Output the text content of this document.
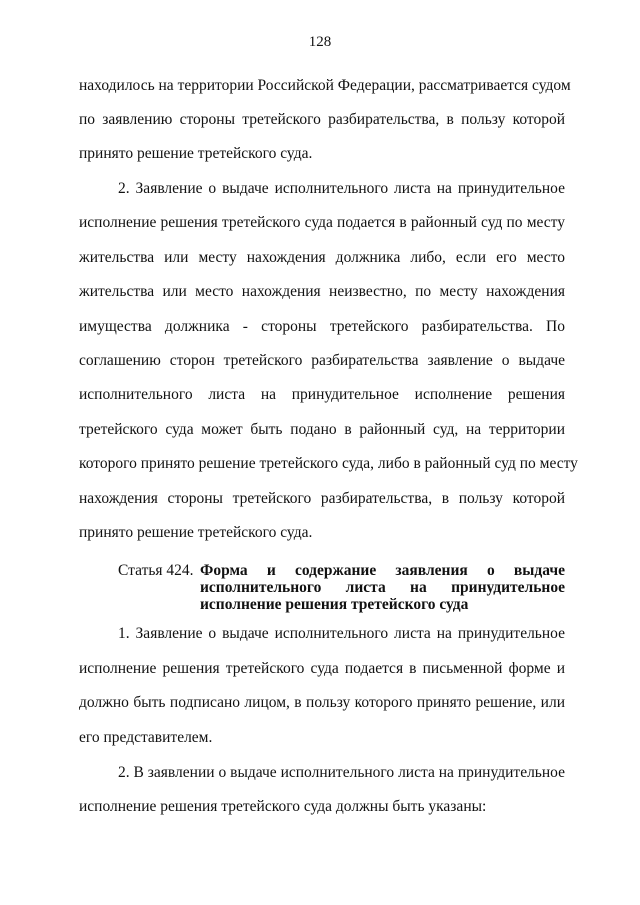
128
находилось на территории Российской Федерации, рассматривается судом
по заявлению стороны третейского разбирательства, в пользу которой
принято решение третейского суда.
2. Заявление о выдаче исполнительного листа на принудительное
исполнение решения третейского суда подается в районный суд по месту
жительства или месту нахождения должника либо, если его место
жительства или место нахождения неизвестно, по месту нахождения
имущества должника - стороны третейского разбирательства. По
соглашению сторон третейского разбирательства заявление о выдаче
исполнительного листа на принудительное исполнение решения
третейского суда может быть подано в районный суд, на территории
которого принято решение третейского суда, либо в районный суд по месту
нахождения стороны третейского разбирательства, в пользу которой
принято решение третейского суда.
Статья 424. Форма и содержание заявления о выдаче
исполнительного листа на принудительное
исполнение решения третейского суда
1. Заявление о выдаче исполнительного листа на принудительное
исполнение решения третейского суда подается в письменной форме и
должно быть подписано лицом, в пользу которого принято решение, или
его представителем.
2. В заявлении о выдаче исполнительного листа на принудительное
исполнение решения третейского суда должны быть указаны:
